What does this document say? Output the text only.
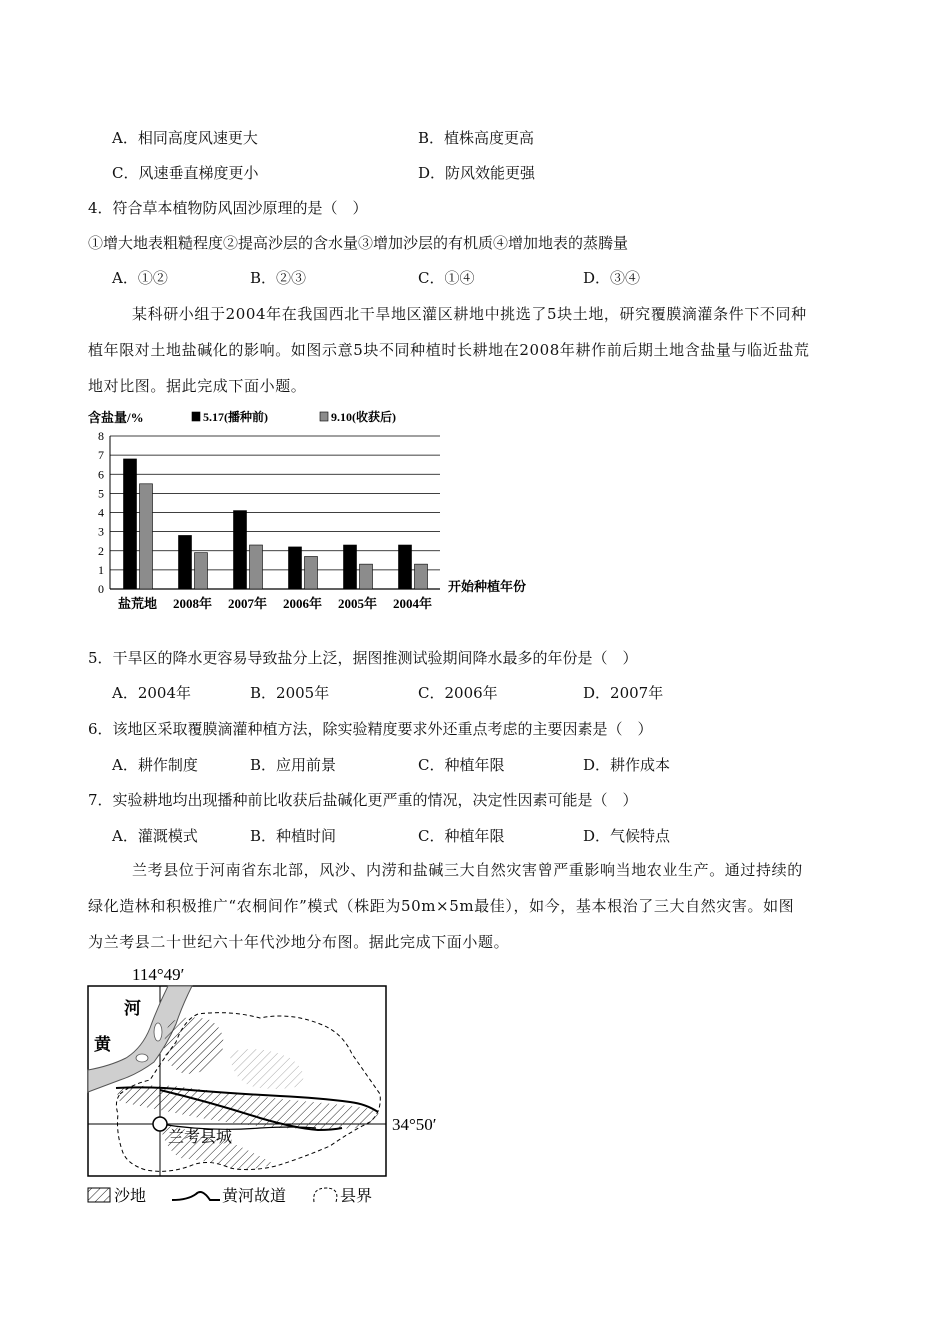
A．相同高度风速更大	B．植株高度更高
C．风速垂直梯度更小	D．防风效能更强
4．符合草本植物防风固沙原理的是（　）
①增大地表粗糙程度②提高沙层的含水量③增加沙层的有机质④增加地表的蒸腾量
A．①②	B．②③	C．①④	D．③④
某科研小组于2004年在我国西北干旱地区灌区耕地中挑选了5块土地，研究覆膜滴灌条件下不同种
植年限对土地盐碱化的影响。如图示意5块不同种植时长耕地在2008年耕作前后期土地含盐量与临近盐荒
地对比图。据此完成下面小题。
0
1
2
3
4
5
6
7
8
盐荒地 2008年 2007年 2006年 2005年 2004年
含盐量/%
开始种植年份
5.17(播种前)	9.10(收获后)
5．干旱区的降水更容易导致盐分上泛，据图推测试验期间降水最多的年份是（　）
A．2004年	B．2005年	C．2006年	D．2007年
6．该地区采取覆膜滴灌种植方法，除实验精度要求外还重点考虑的主要因素是（　）
A．耕作制度	B．应用前景	C．种植年限	D．耕作成本
7．实验耕地均出现播种前比收获后盐碱化更严重的情况，决定性因素可能是（　）
A．灌溉模式	B．种植时间	C．种植年限	D．气候特点
兰考县位于河南省东北部，风沙、内涝和盐碱三大自然灾害曾严重影响当地农业生产。通过持续的
绿化造林和积极推广“农桐间作”模式（株距为50m×5m最佳），如今，基本根治了三大自然灾害。如图
为兰考县二十世纪六十年代沙地分布图。据此完成下面小题。
114°49′
34°50′
河
黄
兰考县城
沙地	黄河故道	县界
